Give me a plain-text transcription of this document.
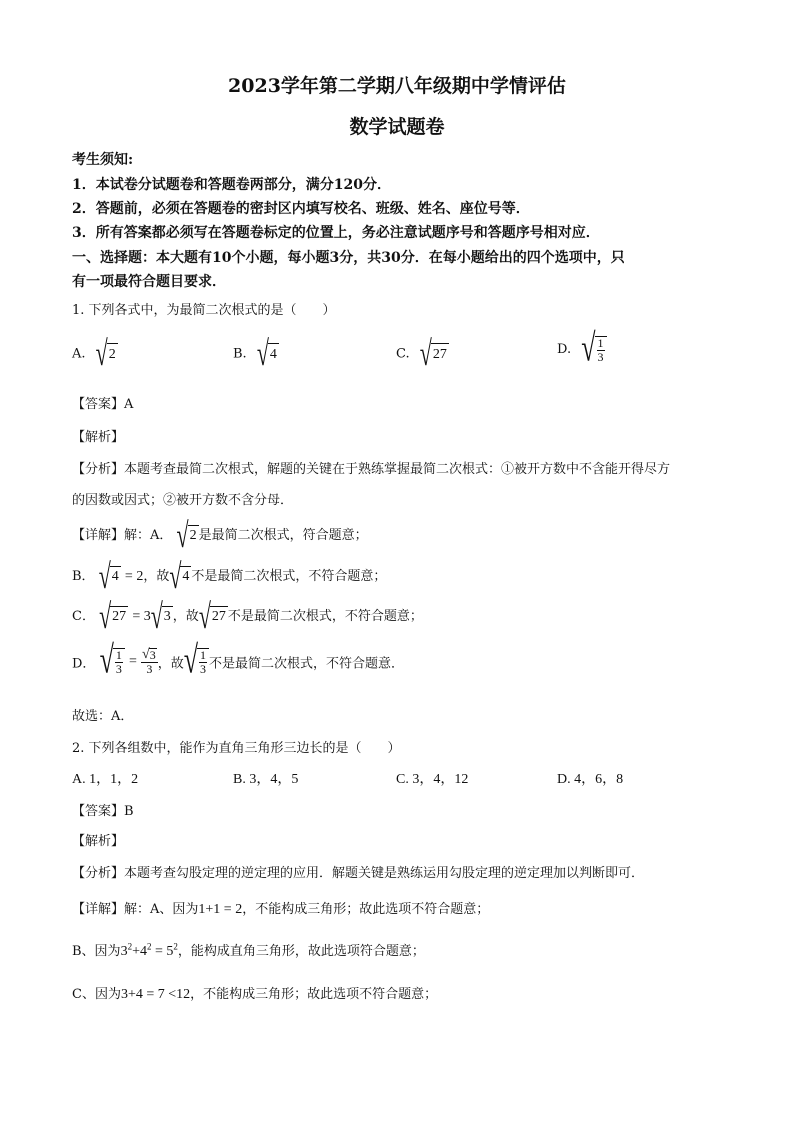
2023学年第二学期八年级期中学情评估
数学试题卷
考生须知:
1．本试卷分试题卷和答题卷两部分，满分120分．
2．答题前，必须在答题卷的密封区内填写校名、班级、姓名、座位号等．
3．所有答案都必须写在答题卷标定的位置上，务必注意试题序号和答题序号相对应．
一、选择题：本大题有10个小题，每小题3分，共30分．在每小题给出的四个选项中，只
有一项最符合题目要求．
1. 下列各式中，为最简二次根式的是（　　）
A. √ 2	B. √ 4	C. √ 27	D. √ $\frac{1}{3}$
【答案】A
【解析】
【分析】本题考查最简二次根式，解题的关键在于熟练掌握最简二次根式：①被开方数中不含能开得尽方
的因数或因式；②被开方数不含分母．
【详解】解：A． √ 2 是最简二次根式，符合题意；
B． √ 4 = 2，故 √ 4 不是最简二次根式，不符合题意；
C． √ 27 = 3 √ 3 ，故 √ 27 不是最简二次根式，不符合题意；
D． √ $\frac{1}{3} = \frac{√ 3}{3}$ ，故 √ $\frac{1}{3}$ 不是最简二次根式，不符合题意．
故选：A．
2. 下列各组数中，能作为直角三角形三边长的是（　　）
A. 1，1，2	B. 3，4，5	C. 3，4，12	D. 4，6，8
【答案】B
【解析】
【分析】本题考查勾股定理的逆定理的应用．解题关键是熟练运用勾股定理的逆定理加以判断即可．
【详解】解：A、因为1+1 = 2，不能构成三角形；故此选项不符合题意；
B、因为$3^2+4^2 = 5^2$，能构成直角三角形，故此选项符合题意；
C、因为3+4 = 7 <12，不能构成三角形；故此选项不符合题意；
